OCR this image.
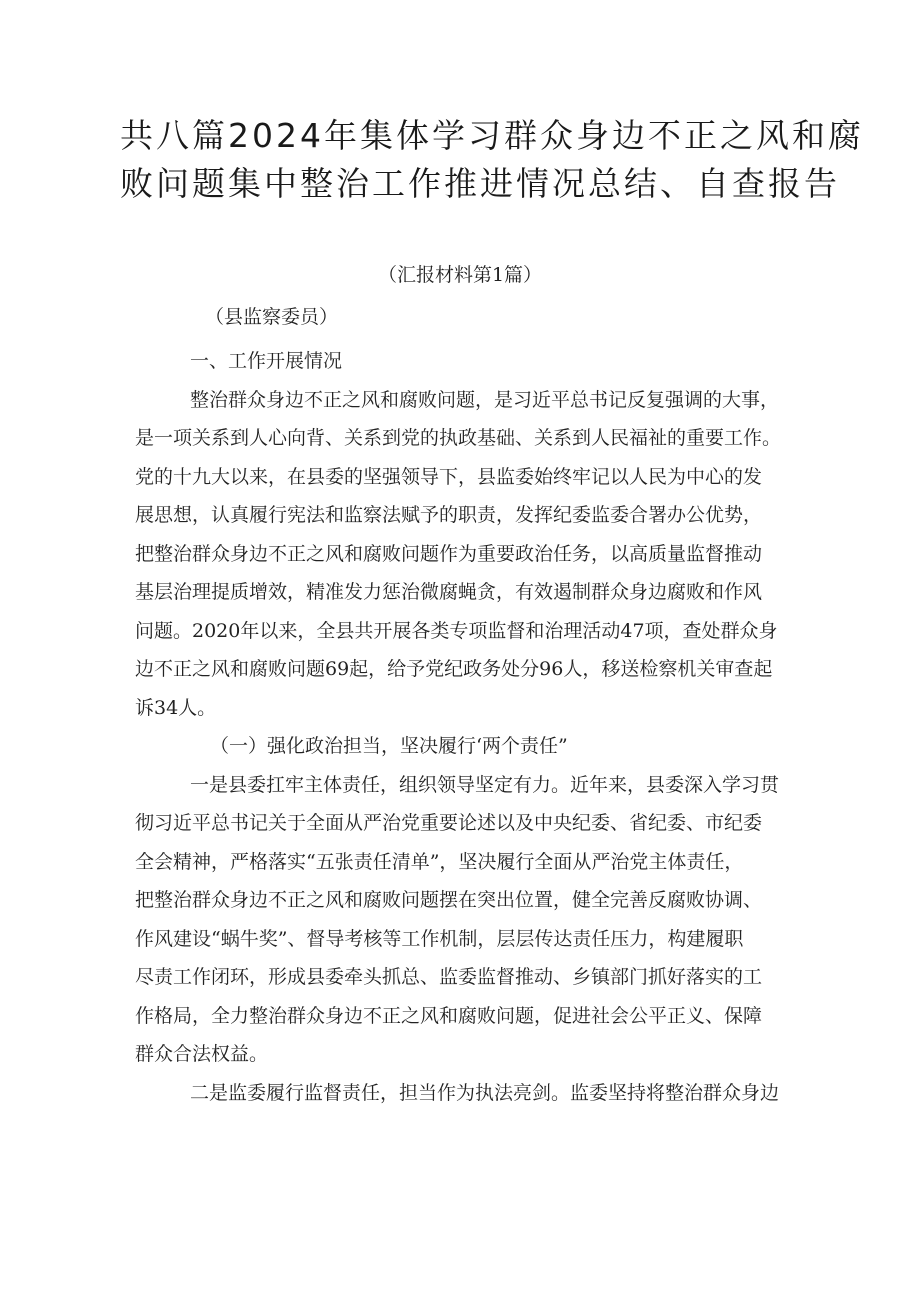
共八篇2024年集体学习群众身边不正之风和腐
败问题集中整治工作推进情况总结、自查报告
（汇报材料第1篇）
（县监察委员）
一、工作开展情况
整治群众身边不正之风和腐败问题，是习近平总书记反复强调的大事，
是一项关系到人心向背、关系到党的执政基础、关系到人民福祉的重要工作。
党的十九大以来，在县委的坚强领导下，县监委始终牢记以人民为中心的发
展思想，认真履行宪法和监察法赋予的职责，发挥纪委监委合署办公优势，
把整治群众身边不正之风和腐败问题作为重要政治任务，以高质量监督推动
基层治理提质增效，精准发力惩治微腐蝇贪，有效遏制群众身边腐败和作风
问题。2020年以来，全县共开展各类专项监督和治理活动47项，查处群众身
边不正之风和腐败问题69起，给予党纪政务处分96人，移送检察机关审查起
诉34人。
（一）强化政治担当，坚决履行‘两个责任”
一是县委扛牢主体责任，组织领导坚定有力。近年来，县委深入学习贯
彻习近平总书记关于全面从严治党重要论述以及中央纪委、省纪委、市纪委
全会精神，严格落实“五张责任清单”，坚决履行全面从严治党主体责任，
把整治群众身边不正之风和腐败问题摆在突出位置，健全完善反腐败协调、
作风建设“蜗牛奖”、督导考核等工作机制，层层传达责任压力，构建履职
尽责工作闭环，形成县委牵头抓总、监委监督推动、乡镇部门抓好落实的工
作格局，全力整治群众身边不正之风和腐败问题，促进社会公平正义、保障
群众合法权益。
二是监委履行监督责任，担当作为执法亮剑。监委坚持将整治群众身边
